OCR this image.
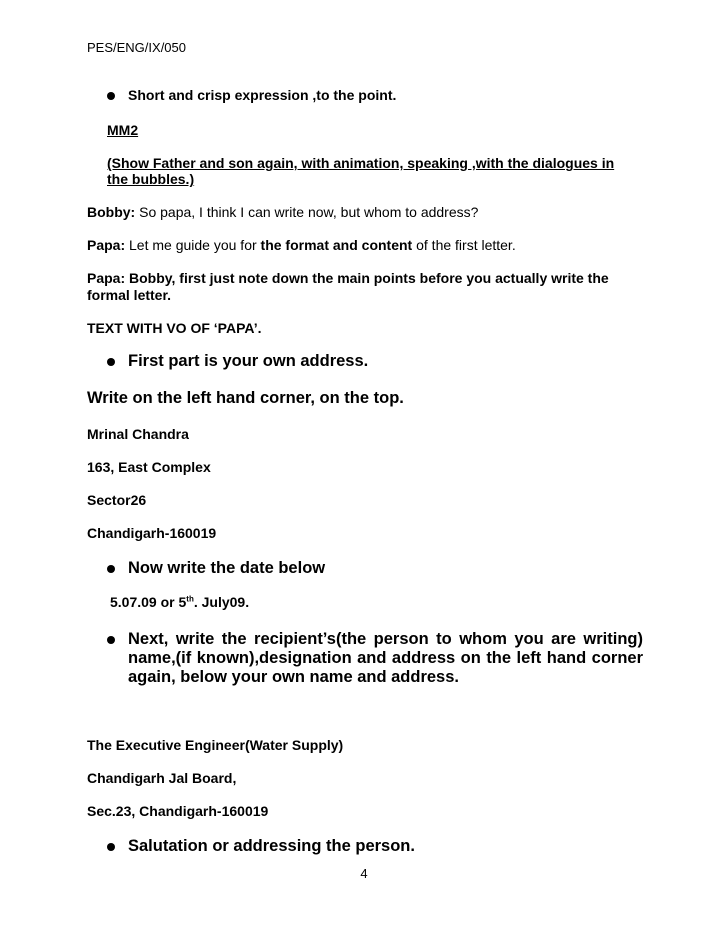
PES/ENG/IX/050
Short and crisp expression ,to the point.
MM2
(Show Father and son again, with animation, speaking ,with the dialogues in
the bubbles.)
Bobby: So papa, I think I can write now, but whom to address?
Papa: Let me guide you for the format and content of the first letter.
Papa: Bobby, first just note down the main points before you actually write the
formal letter.
TEXT WITH VO OF ‘PAPA’.
First part is your own address.
Write on the left hand corner, on the top.
Mrinal Chandra
163, East Complex
Sector26
Chandigarh-160019
Now write the date below
5.07.09 or 5th. July09.
Next, write the recipient’s(the person to whom you are writing)
name,(if known),designation and address on the left hand corner
again, below your own name and address.
The Executive Engineer(Water Supply)
Chandigarh Jal Board,
Sec.23, Chandigarh-160019
Salutation or addressing the person.
4
